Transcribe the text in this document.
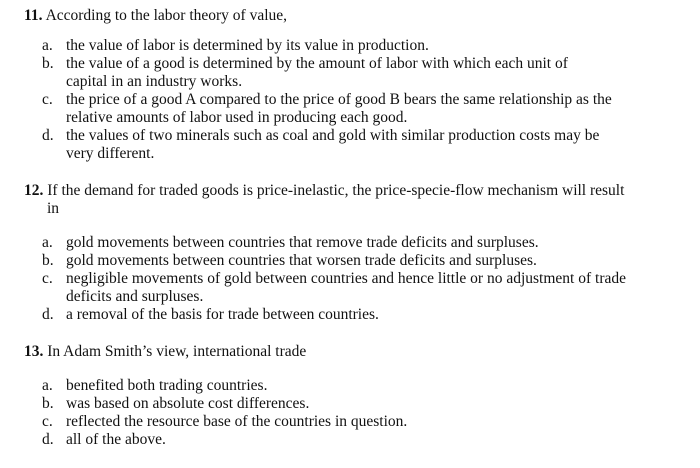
11. According to the labor theory of value,
a. the value of labor is determined by its value in production.
b. the value of a good is determined by the amount of labor with which each unit of capital in an industry works.
c. the price of a good A compared to the price of good B bears the same relationship as the relative amounts of labor used in producing each good.
d. the values of two minerals such as coal and gold with similar production costs may be very different.
12. If the demand for traded goods is price-inelastic, the price-specie-flow mechanism will result in
a. gold movements between countries that remove trade deficits and surpluses.
b. gold movements between countries that worsen trade deficits and surpluses.
c. negligible movements of gold between countries and hence little or no adjustment of trade deficits and surpluses.
d. a removal of the basis for trade between countries.
13. In Adam Smith’s view, international trade
a. benefited both trading countries.
b. was based on absolute cost differences.
c. reflected the resource base of the countries in question.
d. all of the above.
